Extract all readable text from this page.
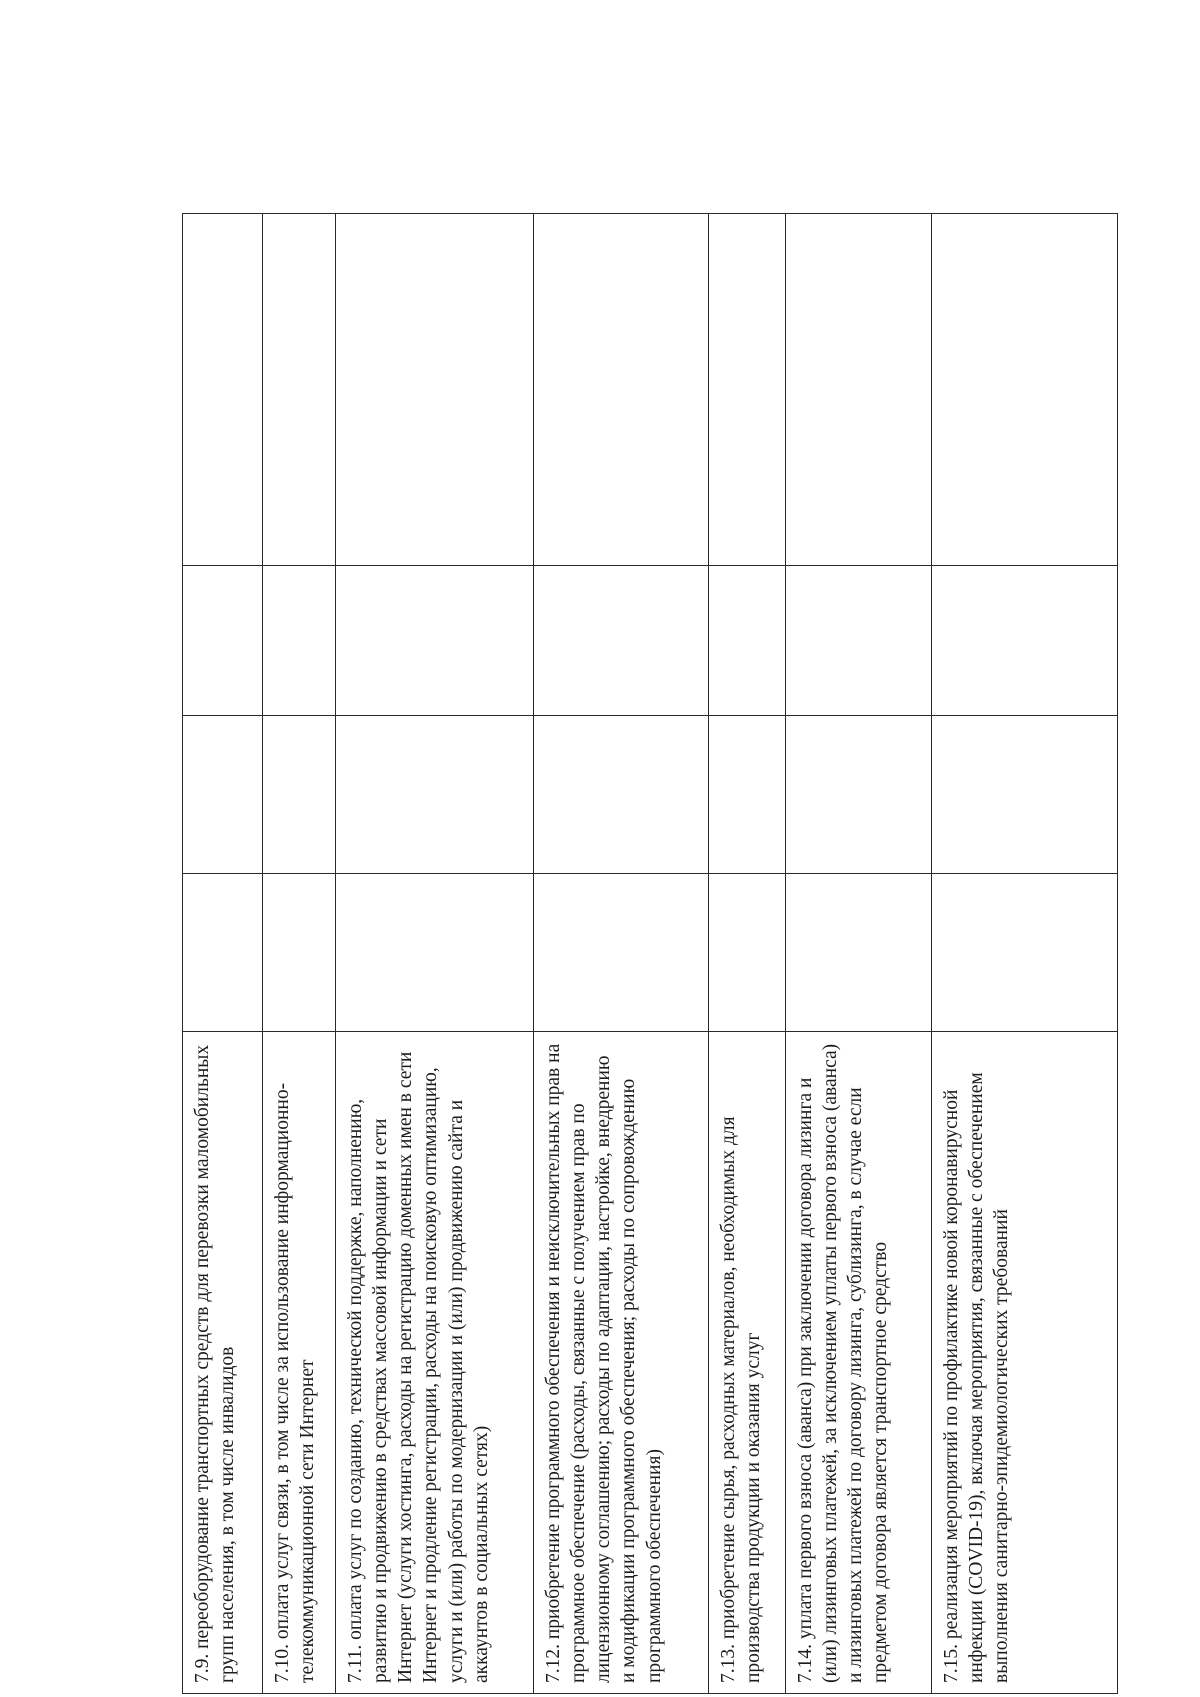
7.9. переоборудование транспортных средств для перевозки маломобильных групп населения, в том числе инвалидов				
7.10. оплата услуг связи, в том числе за использование информационно-телекоммуникационной сети Интернет				
7.11. оплата услуг по созданию, технической поддержке, наполнению, развитию и продвижению в средствах массовой информации и сети Интернет (услуги хостинга, расходы на регистрацию доменных имен в сети Интернет и продление регистрации, расходы на поисковую оптимизацию, услуги и (или) работы по модернизации и (или) продвижению сайта и аккаунтов в социальных сетях)				
7.12. приобретение программного обеспечения и неисключительных прав на программное обеспечение (расходы, связанные с получением прав по лицензионному соглашению; расходы по адаптации, настройке, внедрению и модификации программного обеспечения; расходы по сопровождению программного обеспечения)				
7.13. приобретение сырья, расходных материалов, необходимых для производства продукции и оказания услуг				
7.14. уплата первого взноса (аванса) при заключении договора лизинга и (или) лизинговых платежей, за исключением уплаты первого взноса (аванса) и лизинговых платежей по договору лизинга, сублизинга, в случае если предметом договора является транспортное средство				
7.15. реализация мероприятий по профилактике новой коронавирусной инфекции (COVID-19), включая мероприятия, связанные с обеспечением выполнения санитарно-эпидемиологических требований				
